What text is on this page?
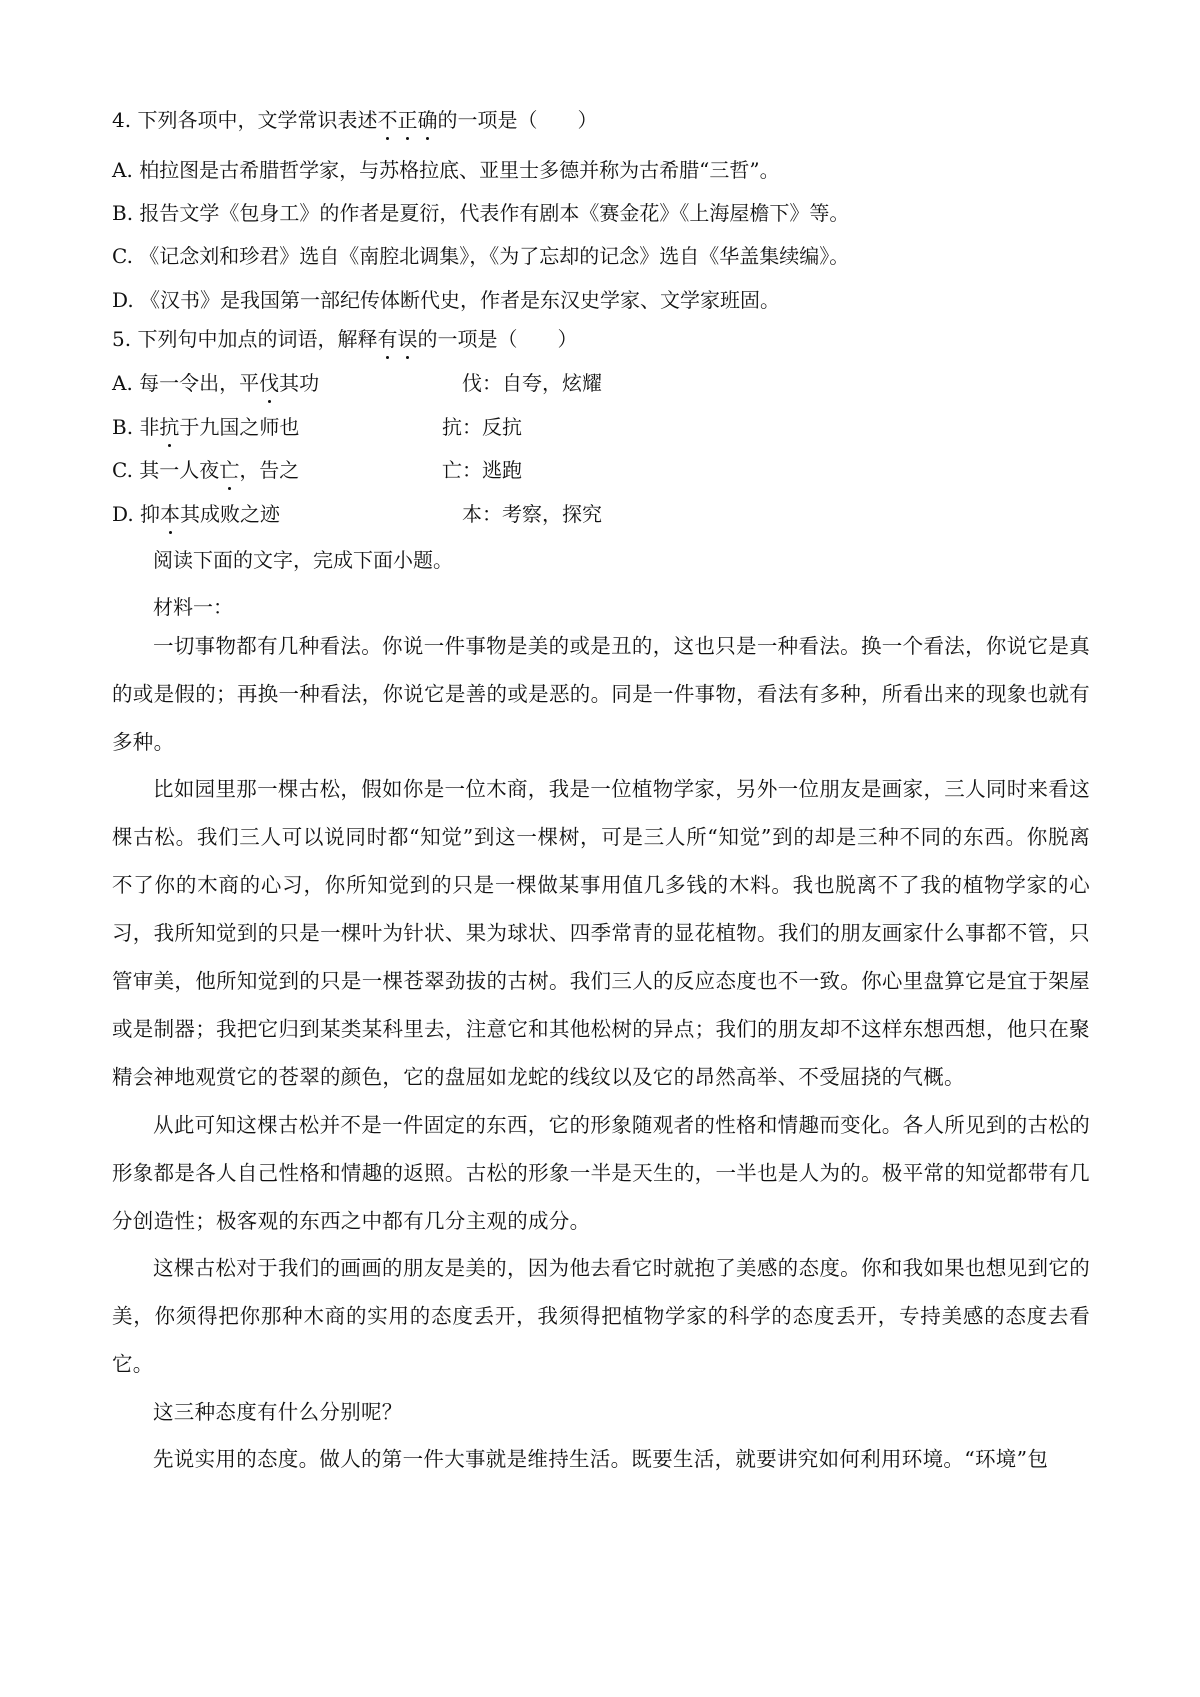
4. 下列各项中，文学常识表述不正确的一项是（　　）
A. 柏拉图是古希腊哲学家，与苏格拉底、亚里士多德并称为古希腊“三哲”。
B. 报告文学《包身工》的作者是夏衍，代表作有剧本《赛金花》《上海屋檐下》等。
C. 《记念刘和珍君》选自《南腔北调集》，《为了忘却的记念》选自《华盖集续编》。
D. 《汉书》是我国第一部纪传体断代史，作者是东汉史学家、文学家班固。
5. 下列句中加点的词语，解释有误的一项是（　　）
A. 每一令出，平伐其功	伐：自夸，炫耀
B. 非抗于九国之师也	抗：反抗
C. 其一人夜亡，告之	亡：逃跑
D. 抑本其成败之迹	本：考察，探究
阅读下面的文字，完成下面小题。
材料一：

一切事物都有几种看法。你说一件事物是美的或是丑的，这也只是一种看法。换一个看法，你说它是真的或是假的；再换一种看法，你说它是善的或是恶的。同是一件事物，看法有多种，所看出来的现象也就有多种。

比如园里那一棵古松，假如你是一位木商，我是一位植物学家，另外一位朋友是画家，三人同时来看这棵古松。我们三人可以说同时都“知觉”到这一棵树，可是三人所“知觉”到的却是三种不同的东西。你脱离不了你的木商的心习，你所知觉到的只是一棵做某事用值几多钱的木料。我也脱离不了我的植物学家的心习，我所知觉到的只是一棵叶为针状、果为球状、四季常青的显花植物。我们的朋友画家什么事都不管，只管审美，他所知觉到的只是一棵苍翠劲拔的古树。我们三人的反应态度也不一致。你心里盘算它是宜于架屋或是制器；我把它归到某类某科里去，注意它和其他松树的异点；我们的朋友却不这样东想西想，他只在聚精会神地观赏它的苍翠的颜色，它的盘屈如龙蛇的线纹以及它的昂然高举、不受屈挠的气概。

从此可知这棵古松并不是一件固定的东西，它的形象随观者的性格和情趣而变化。各人所见到的古松的形象都是各人自己性格和情趣的返照。古松的形象一半是天生的，一半也是人为的。极平常的知觉都带有几分创造性；极客观的东西之中都有几分主观的成分。

这棵古松对于我们的画画的朋友是美的，因为他去看它时就抱了美感的态度。你和我如果也想见到它的美，你须得把你那种木商的实用的态度丢开，我须得把植物学家的科学的态度丢开，专持美感的态度去看它。

这三种态度有什么分别呢？

先说实用的态度。做人的第一件大事就是维持生活。既要生活，就要讲究如何利用环境。“环境”包
